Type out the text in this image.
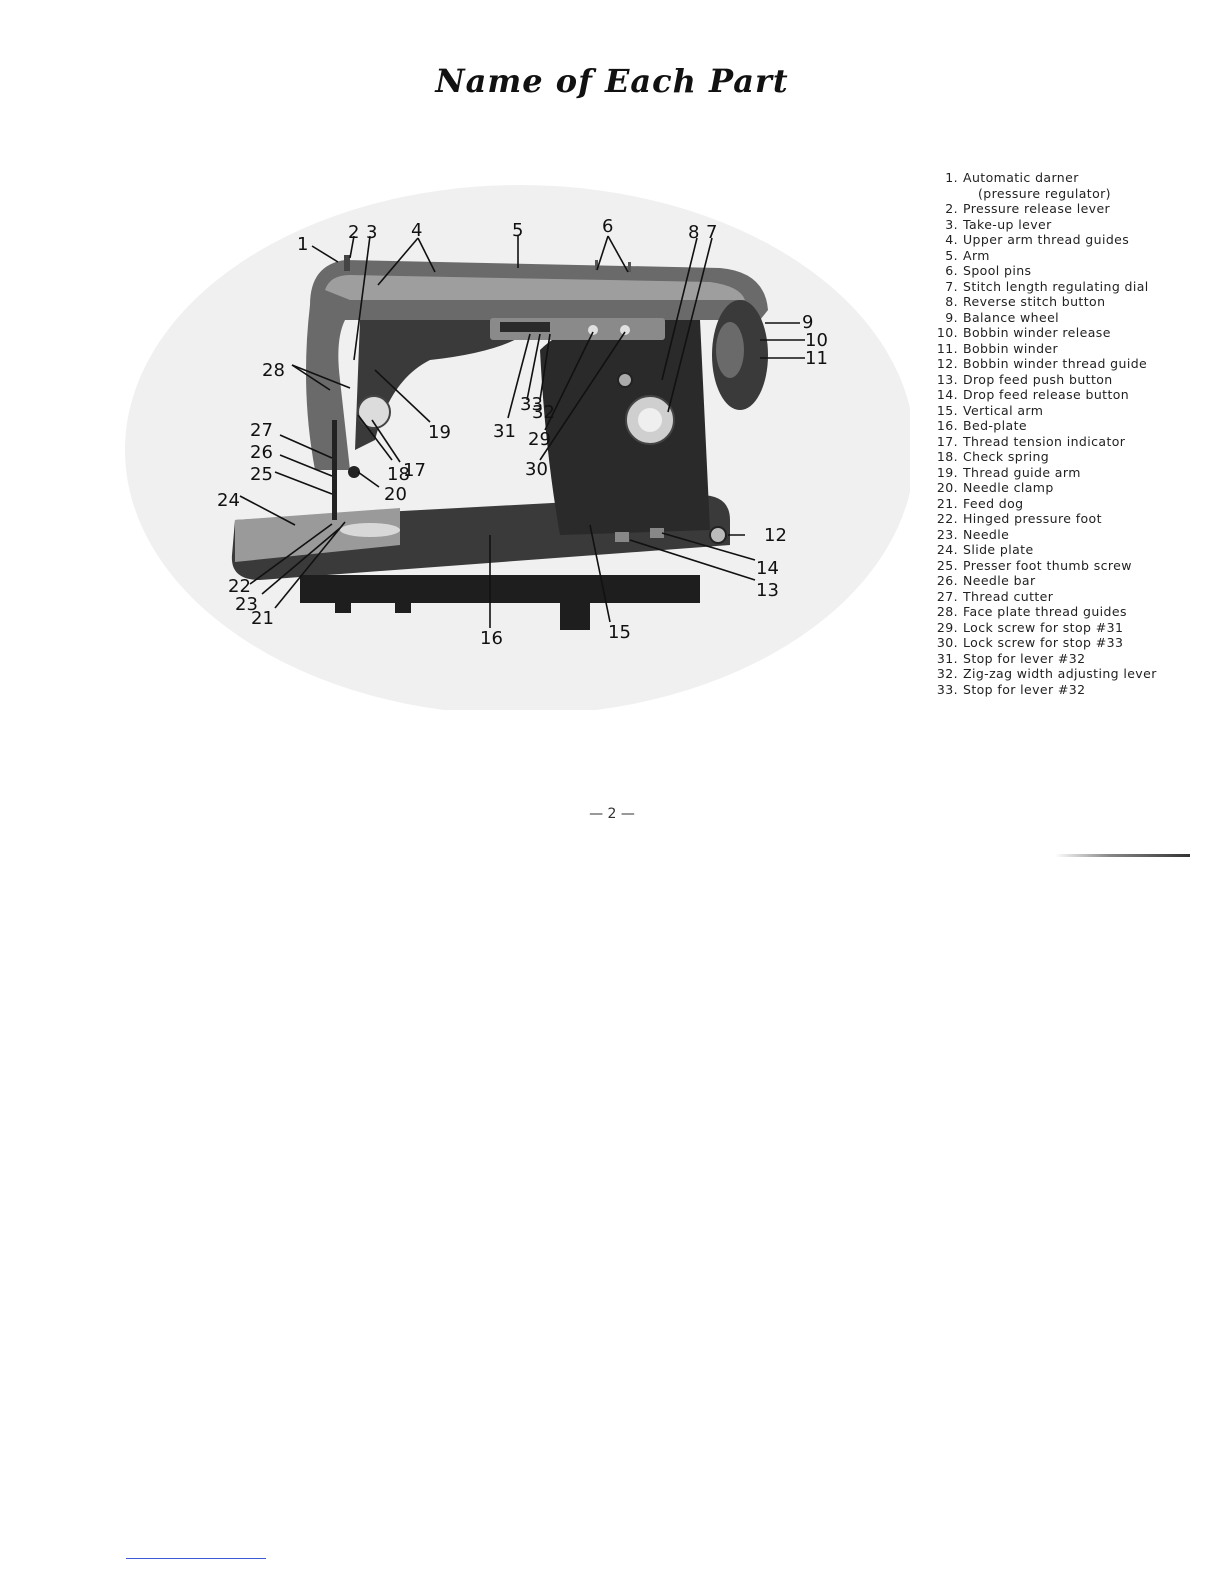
Name of Each Part
1
2 3 4	5	6	8 7
9
10
11
12
13
14
15
16
17
18
19
20
21
22
23
24
25
26
27
28
29
30
31
32
33
1. Automatic darner
(pressure regulator)
2. Pressure release lever
3. Take-up lever
4. Upper arm thread guides
5. Arm
6. Spool pins
7. Stitch length regulating dial
8. Reverse stitch button
9. Balance wheel
10. Bobbin winder release
11. Bobbin winder
12. Bobbin winder thread guide
13. Drop feed push button
14. Drop feed release button
15. Vertical arm
16. Bed-plate
17. Thread tension indicator
18. Check spring
19. Thread guide arm
20. Needle clamp
21. Feed dog
22. Hinged pressure foot
23. Needle
24. Slide plate
25. Presser foot thumb screw
26. Needle bar
27. Thread cutter
28. Face plate thread guides
29. Lock screw for stop #31
30. Lock screw for stop #33
31. Stop for lever #32
32. Zig-zag width adjusting lever
33. Stop for lever #32
— 2 —
